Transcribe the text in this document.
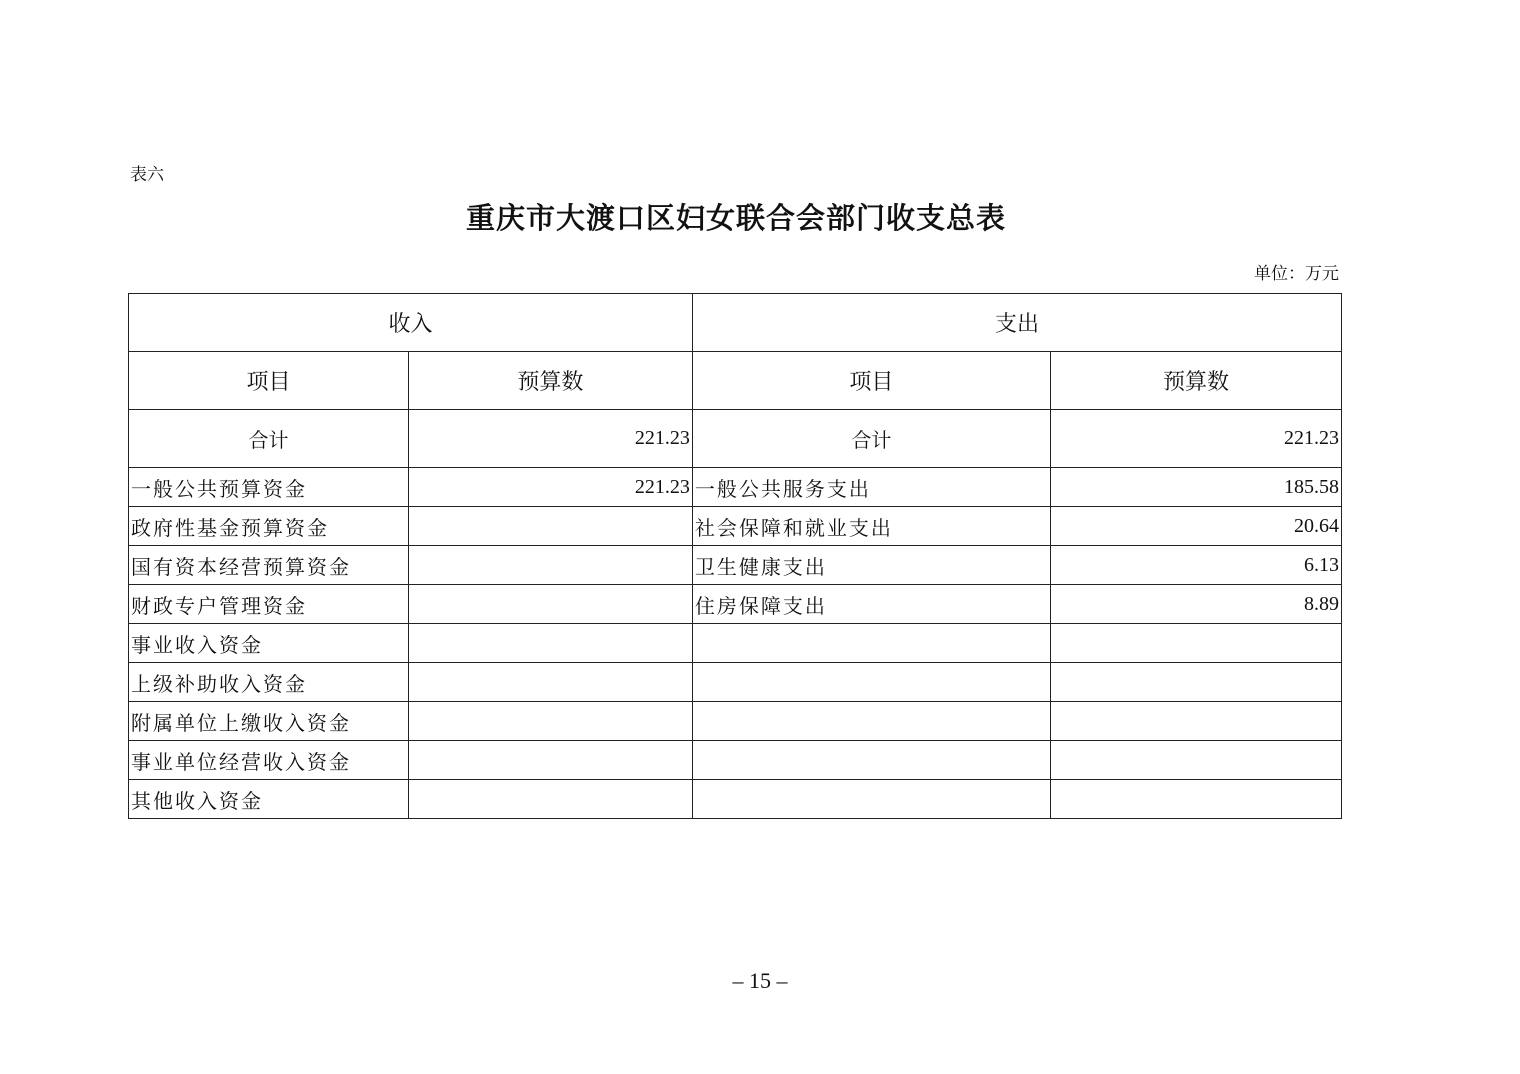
表六
重庆市大渡口区妇女联合会部门收支总表
单位：万元
收入		支出	
项目	预算数	项目	预算数
合计	221.23	合计	221.23
一般公共预算资金	221.23	一般公共服务支出	185.58
政府性基金预算资金		社会保障和就业支出	20.64
国有资本经营预算资金		卫生健康支出	6.13
财政专户管理资金		住房保障支出	8.89
事业收入资金			
上级补助收入资金			
附属单位上缴收入资金			
事业单位经营收入资金			
其他收入资金			
– 15 –
